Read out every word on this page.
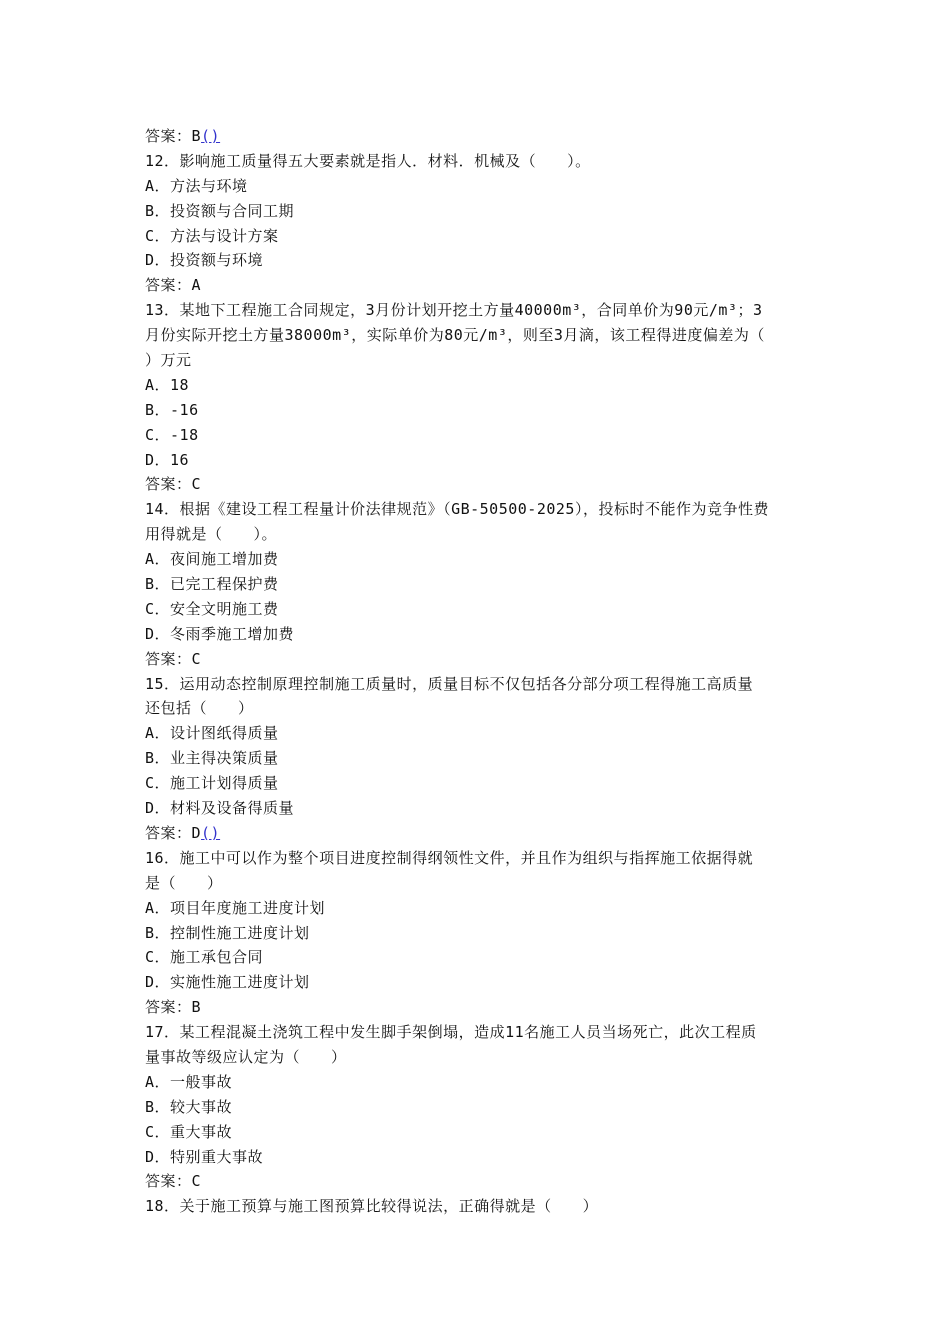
答案：B()
12．影响施工质量得五大要素就是指人．材料．机械及（　　）。
A．方法与环境
B．投资额与合同工期
C．方法与设计方案
D．投资额与环境
答案：A
13．某地下工程施工合同规定，3月份计划开挖土方量40000m³，合同单价为90元/m³；3
月份实际开挖土方量38000m³，实际单价为80元/m³，则至3月滴，该工程得进度偏差为（
）万元
A．18
B．-16
C．-18
D．16
答案：C
14．根据《建设工程工程量计价法律规范》（GB-50500-2025），投标时不能作为竞争性费
用得就是（　　）。
A．夜间施工增加费
B．已完工程保护费
C．安全文明施工费
D．冬雨季施工增加费
答案：C
15．运用动态控制原理控制施工质量时，质量目标不仅包括各分部分项工程得施工高质量
还包括（　　）
A．设计图纸得质量
B．业主得决策质量
C．施工计划得质量
D．材料及设备得质量
答案：D()
16．施工中可以作为整个项目进度控制得纲领性文件，并且作为组织与指挥施工依据得就
是（　　）
A．项目年度施工进度计划
B．控制性施工进度计划
C．施工承包合同
D．实施性施工进度计划
答案：B
17．某工程混凝土浇筑工程中发生脚手架倒塌，造成11名施工人员当场死亡，此次工程质
量事故等级应认定为（　　）
A．一般事故
B．较大事故
C．重大事故
D．特别重大事故
答案：C
18．关于施工预算与施工图预算比较得说法，正确得就是（　　）
